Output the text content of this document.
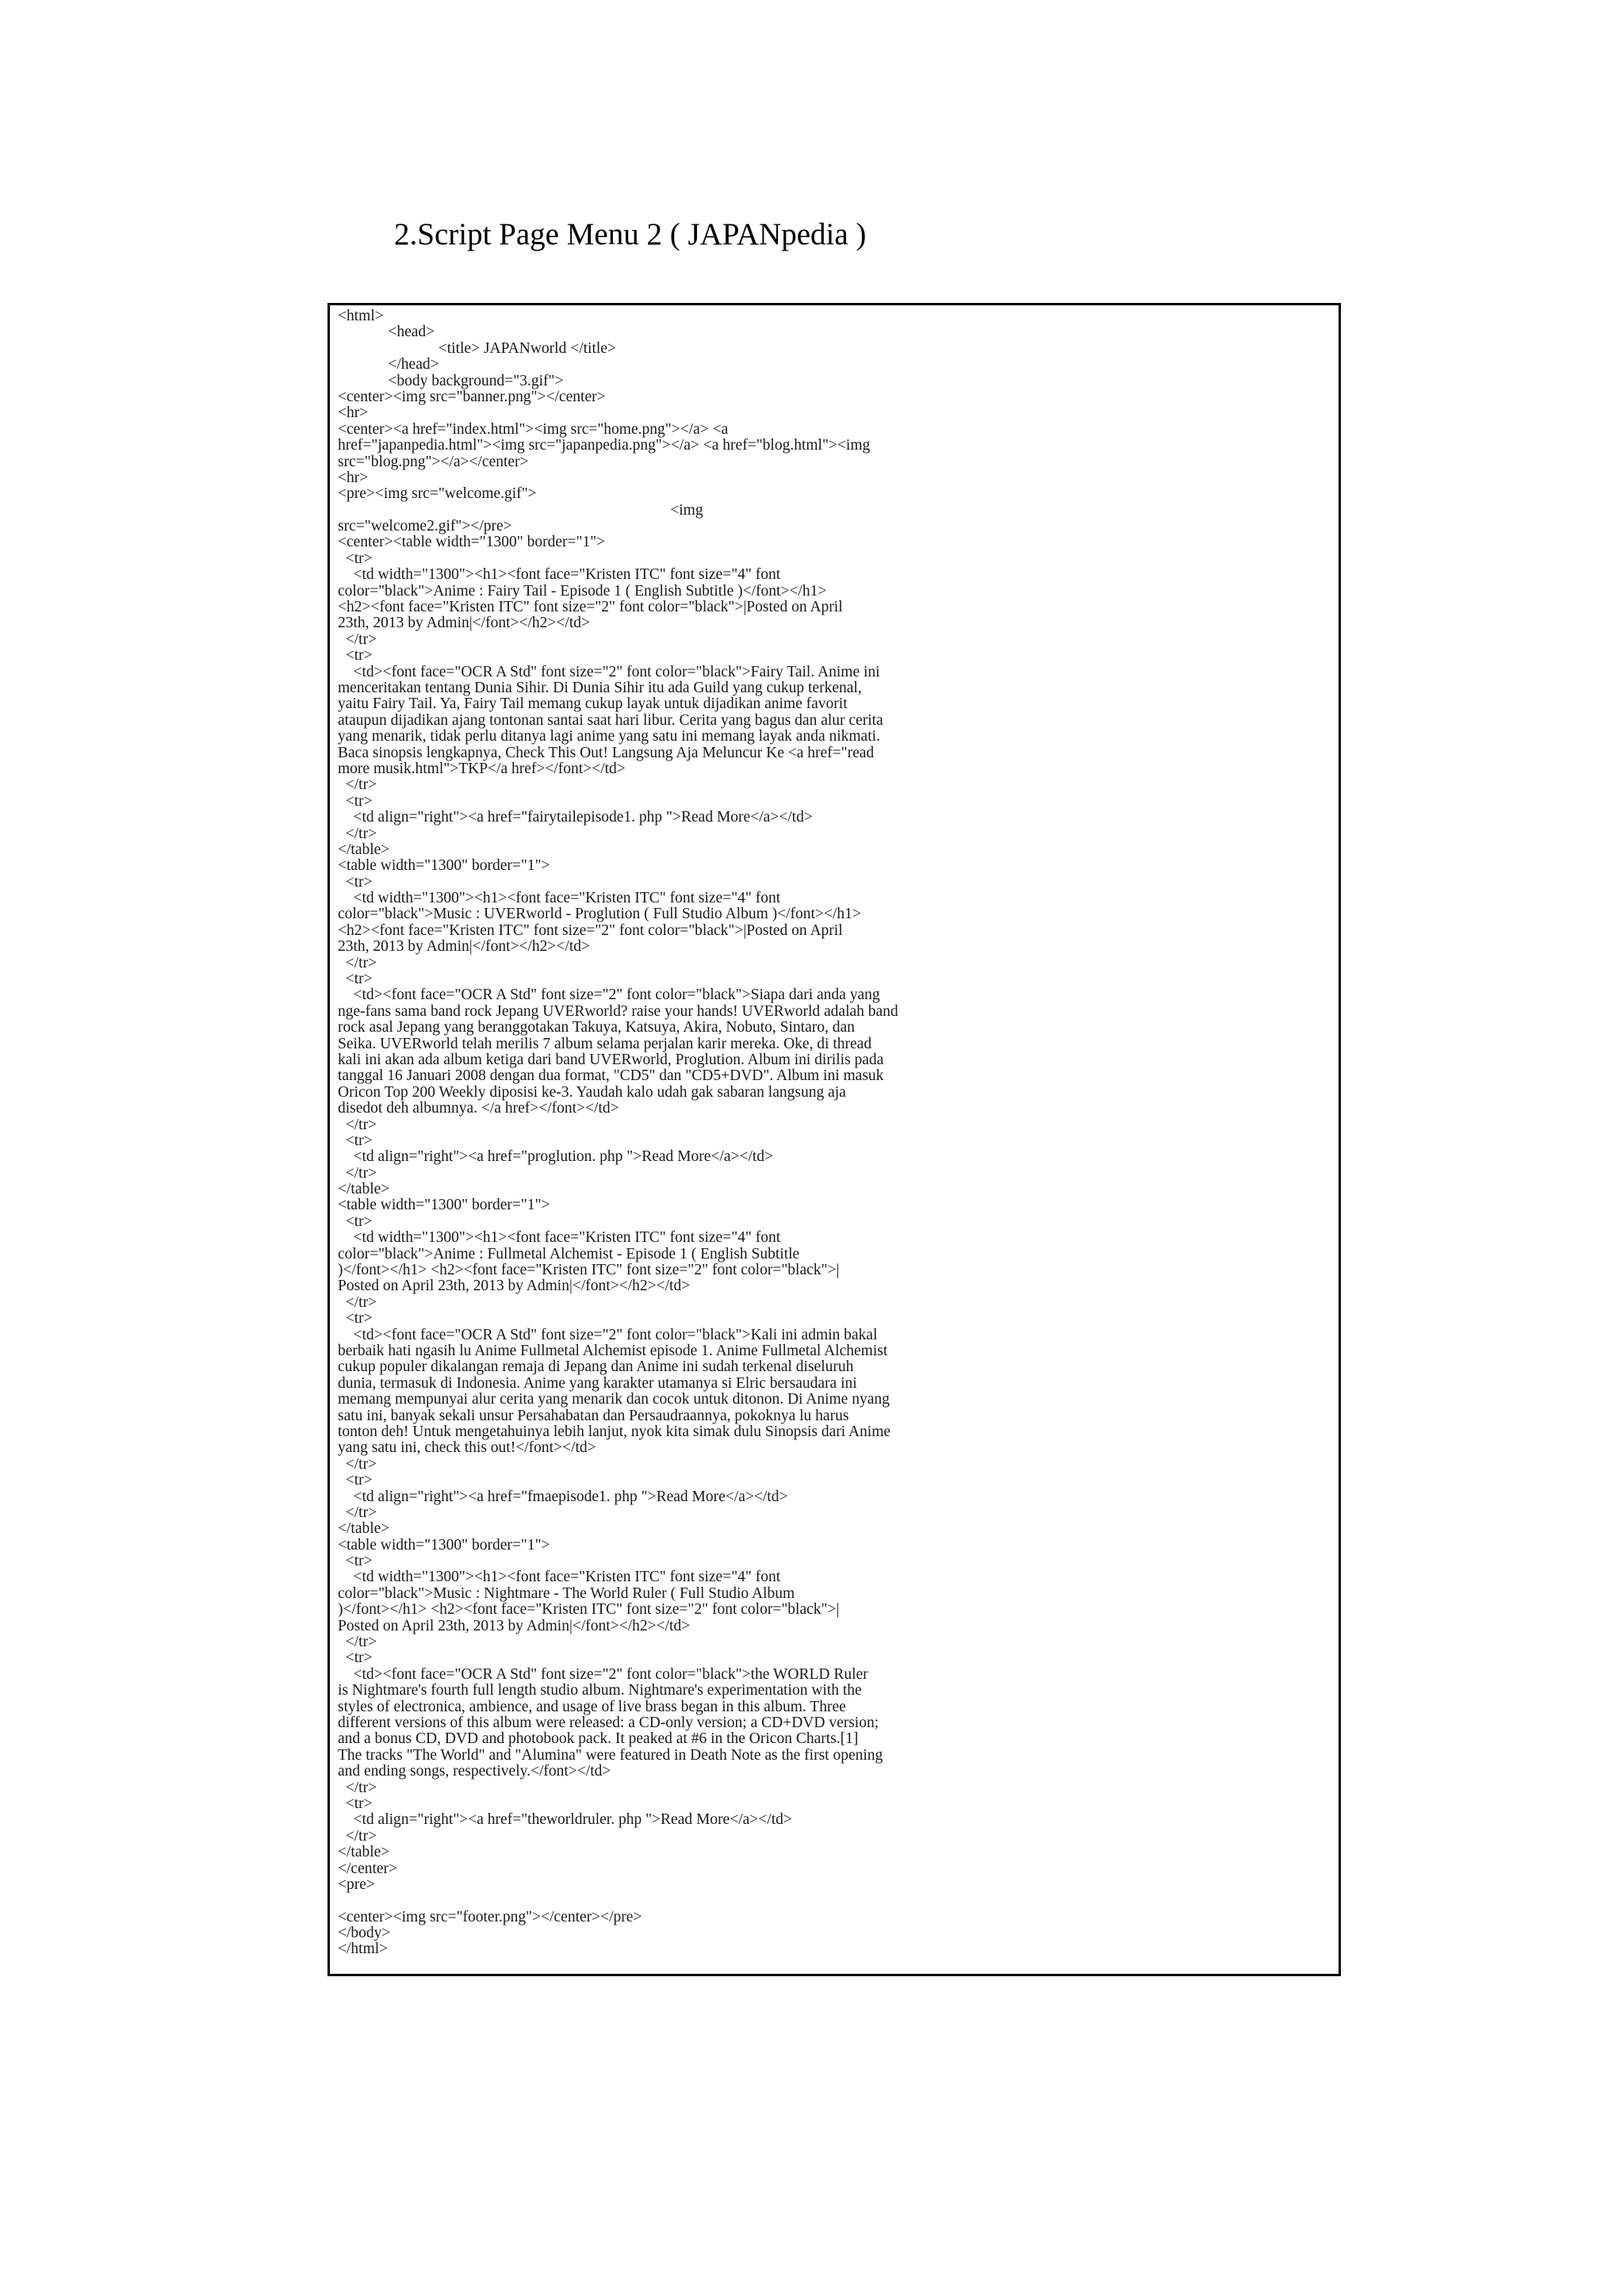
2.Script Page Menu 2 ( JAPANpedia )
<html>
<head>
<title> JAPANworld </title>
</head>
<body background="3.gif">
<center><img src="banner.png"></center>
<hr>
<center><a href="index.html"><img src="home.png"></a> <a
href="japanpedia.html"><img src="japanpedia.png"></a> <a href="blog.html"><img
src="blog.png"></a></center>
<hr>
<pre><img src="welcome.gif">
<img
src="welcome2.gif"></pre>
<center><table width="1300" border="1">
<tr>
<td width="1300"><h1><font face="Kristen ITC" font size="4" font
color="black">Anime : Fairy Tail - Episode 1 ( English Subtitle )</font></h1>
<h2><font face="Kristen ITC" font size="2" font color="black">|Posted on April
23th, 2013 by Admin|</font></h2></td>
</tr>
<tr>
<td><font face="OCR A Std" font size="2" font color="black">Fairy Tail. Anime ini
menceritakan tentang Dunia Sihir. Di Dunia Sihir itu ada Guild yang cukup terkenal,
yaitu Fairy Tail. Ya, Fairy Tail memang cukup layak untuk dijadikan anime favorit
ataupun dijadikan ajang tontonan santai saat hari libur. Cerita yang bagus dan alur cerita
yang menarik, tidak perlu ditanya lagi anime yang satu ini memang layak anda nikmati.
Baca sinopsis lengkapnya, Check This Out! Langsung Aja Meluncur Ke <a href="read
more musik.html">TKP</a href></font></td>
</tr>
<tr>
<td align="right"><a href="fairytailepisode1. php ">Read More</a></td>
</tr>
</table>
<table width="1300" border="1">
<tr>
<td width="1300"><h1><font face="Kristen ITC" font size="4" font
color="black">Music : UVERworld - Proglution ( Full Studio Album )</font></h1>
<h2><font face="Kristen ITC" font size="2" font color="black">|Posted on April
23th, 2013 by Admin|</font></h2></td>
</tr>
<tr>
<td><font face="OCR A Std" font size="2" font color="black">Siapa dari anda yang
nge-fans sama band rock Jepang UVERworld? raise your hands! UVERworld adalah band
rock asal Jepang yang beranggotakan Takuya, Katsuya, Akira, Nobuto, Sintaro, dan
Seika. UVERworld telah merilis 7 album selama perjalan karir mereka. Oke, di thread
kali ini akan ada album ketiga dari band UVERworld, Proglution. Album ini dirilis pada
tanggal 16 Januari 2008 dengan dua format, "CD5" dan "CD5+DVD". Album ini masuk
Oricon Top 200 Weekly diposisi ke-3. Yaudah kalo udah gak sabaran langsung aja
disedot deh albumnya. </a href></font></td>
</tr>
<tr>
<td align="right"><a href="proglution. php ">Read More</a></td>
</tr>
</table>
<table width="1300" border="1">
<tr>
<td width="1300"><h1><font face="Kristen ITC" font size="4" font
color="black">Anime : Fullmetal Alchemist - Episode 1 ( English Subtitle
)</font></h1> <h2><font face="Kristen ITC" font size="2" font color="black">|
Posted on April 23th, 2013 by Admin|</font></h2></td>
</tr>
<tr>
<td><font face="OCR A Std" font size="2" font color="black">Kali ini admin bakal
berbaik hati ngasih lu Anime Fullmetal Alchemist episode 1. Anime Fullmetal Alchemist
cukup populer dikalangan remaja di Jepang dan Anime ini sudah terkenal diseluruh
dunia, termasuk di Indonesia. Anime yang karakter utamanya si Elric bersaudara ini
memang mempunyai alur cerita yang menarik dan cocok untuk ditonon. Di Anime nyang
satu ini, banyak sekali unsur Persahabatan dan Persaudraannya, pokoknya lu harus
tonton deh! Untuk mengetahuinya lebih lanjut, nyok kita simak dulu Sinopsis dari Anime
yang satu ini, check this out!</font></td>
</tr>
<tr>
<td align="right"><a href="fmaepisode1. php ">Read More</a></td>
</tr>
</table>
<table width="1300" border="1">
<tr>
<td width="1300"><h1><font face="Kristen ITC" font size="4" font
color="black">Music : Nightmare - The World Ruler ( Full Studio Album
)</font></h1> <h2><font face="Kristen ITC" font size="2" font color="black">|
Posted on April 23th, 2013 by Admin|</font></h2></td>
</tr>
<tr>
<td><font face="OCR A Std" font size="2" font color="black">the WORLD Ruler
is Nightmare's fourth full length studio album. Nightmare's experimentation with the
styles of electronica, ambience, and usage of live brass began in this album. Three
different versions of this album were released: a CD-only version; a CD+DVD version;
and a bonus CD, DVD and photobook pack. It peaked at #6 in the Oricon Charts.[1]
The tracks "The World" and "Alumina" were featured in Death Note as the first opening
and ending songs, respectively.</font></td>
</tr>
<tr>
<td align="right"><a href="theworldruler. php ">Read More</a></td>
</tr>
</table>
</center>
<pre>

<center><img src="footer.png"></center></pre>
</body>
</html>
